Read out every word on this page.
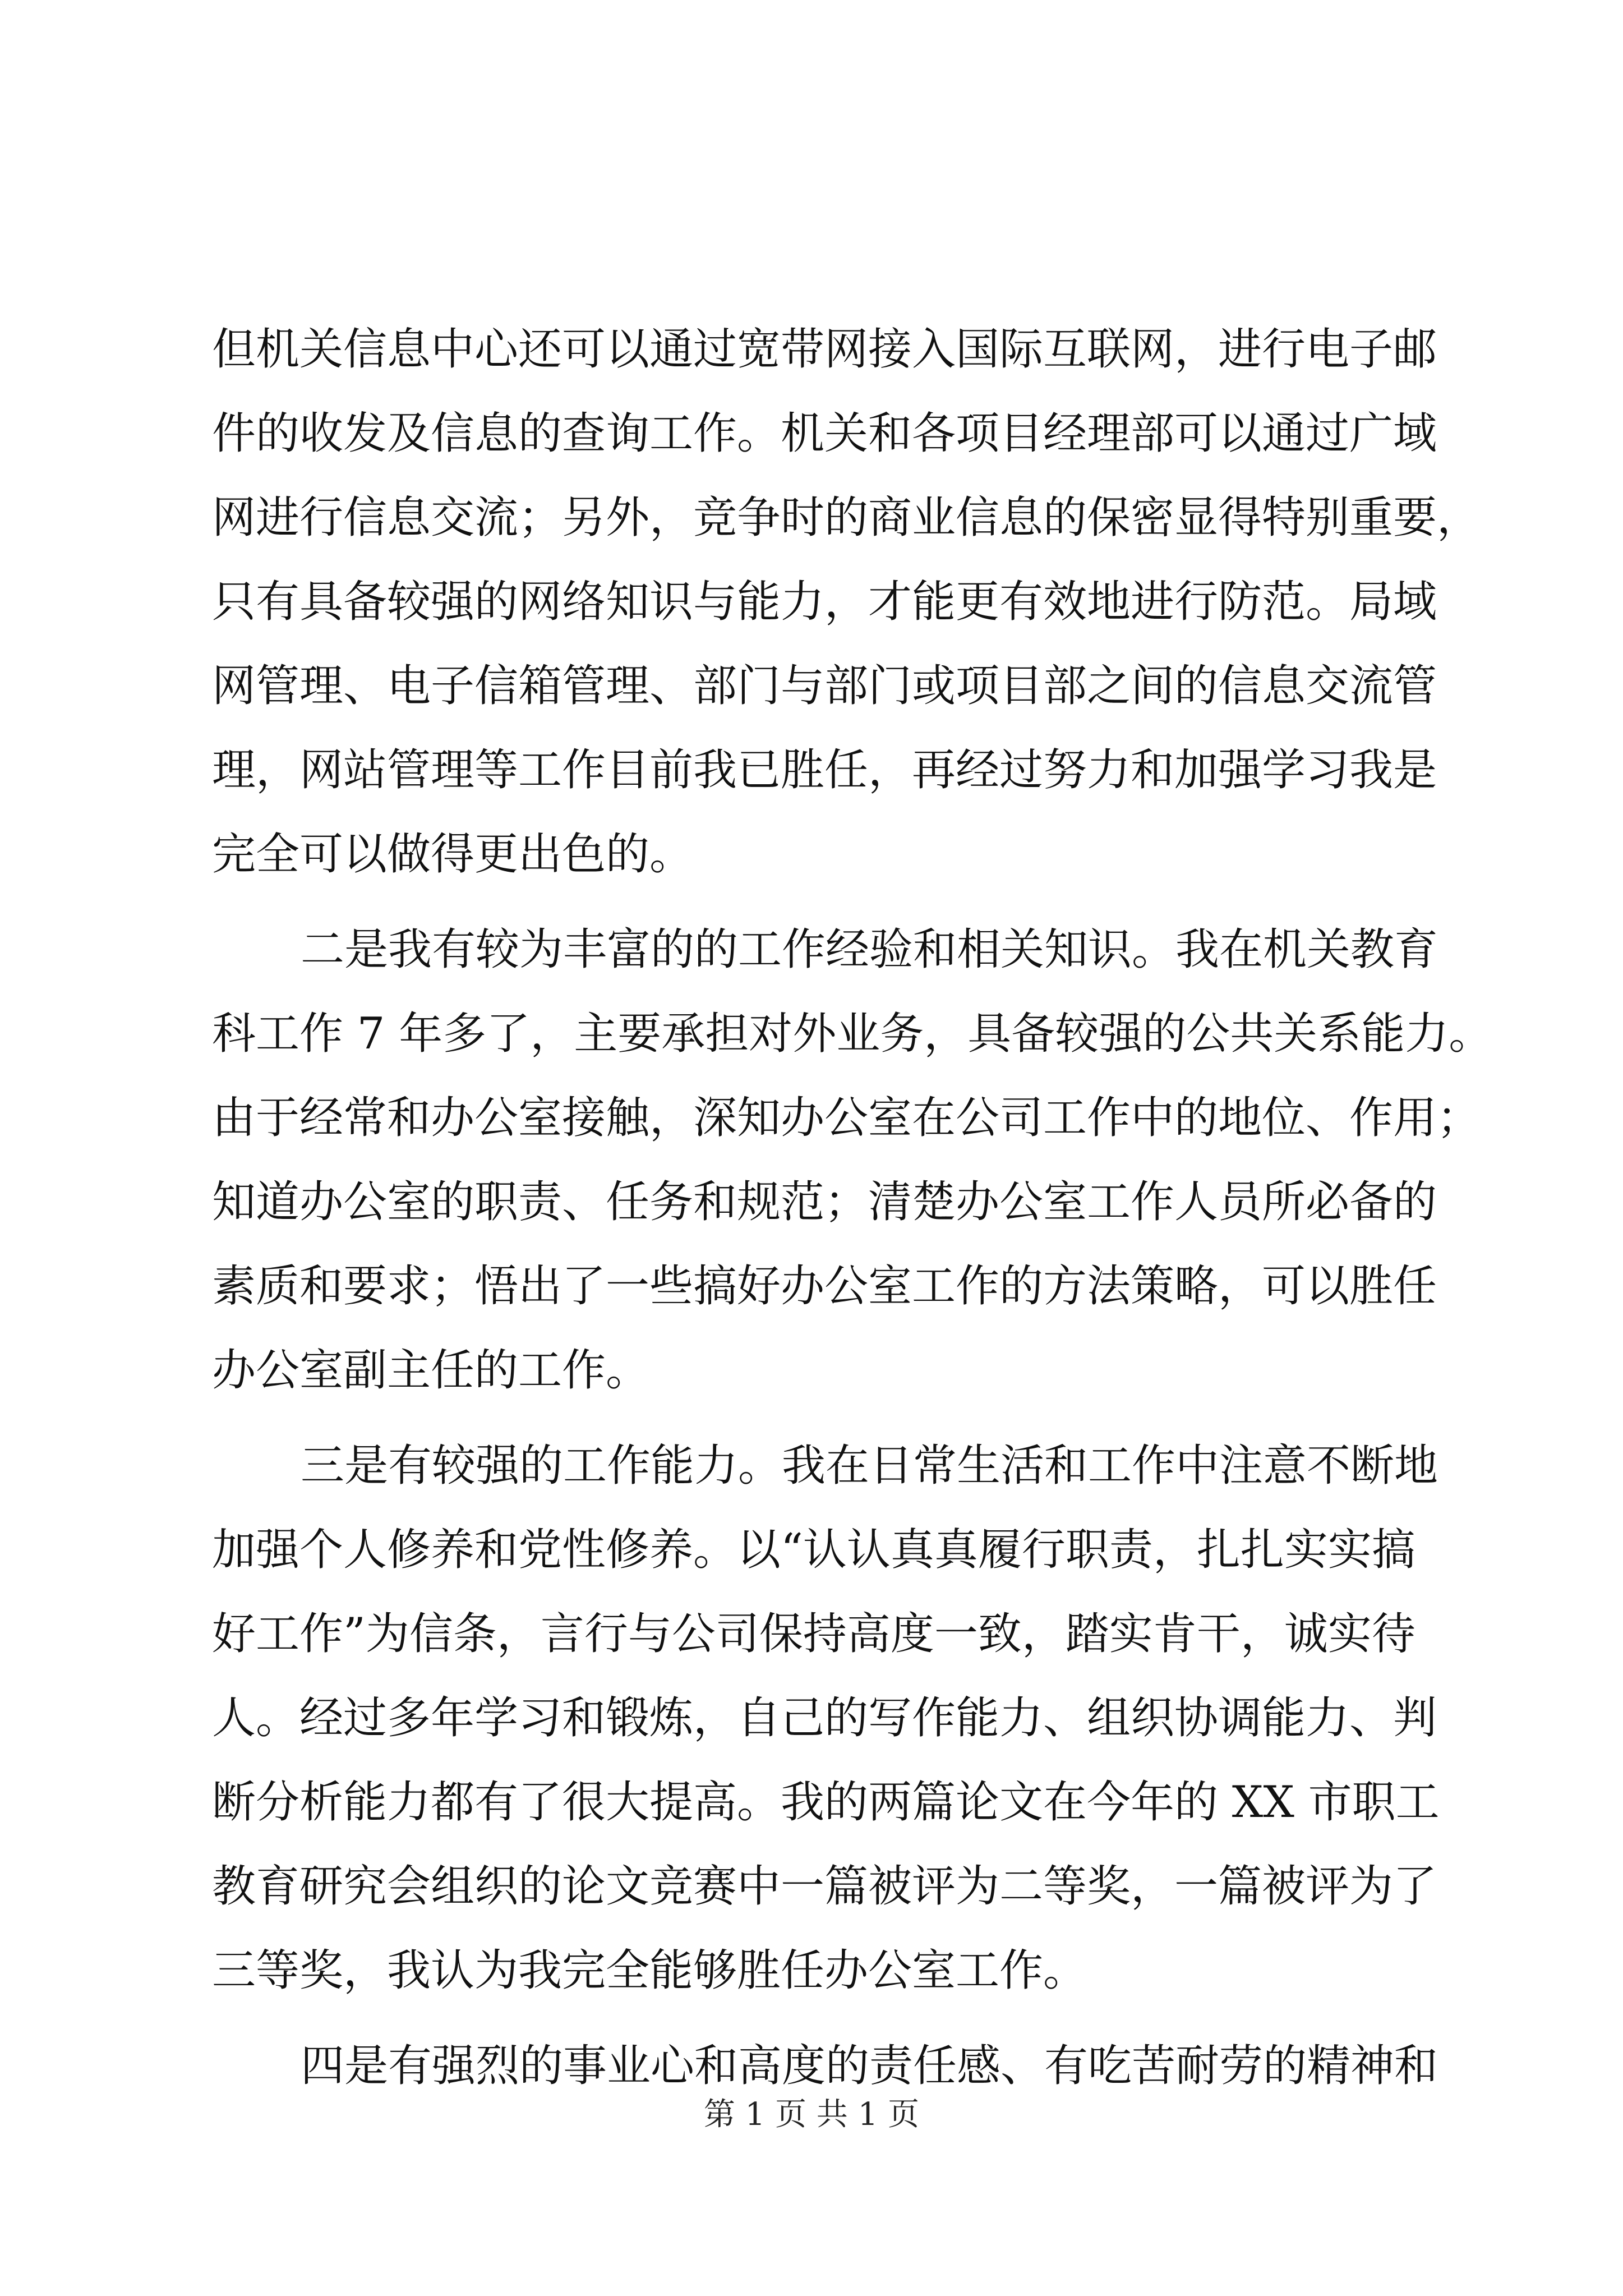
但机关信息中心还可以通过宽带网接入国际互联网，进行电子邮
件的收发及信息的查询工作。机关和各项目经理部可以通过广域
网进行信息交流；另外，竞争时的商业信息的保密显得特别重要，
只有具备较强的网络知识与能力，才能更有效地进行防范。局域
网管理、电子信箱管理、部门与部门或项目部之间的信息交流管
理，网站管理等工作目前我已胜任，再经过努力和加强学习我是
完全可以做得更出色的。
二是我有较为丰富的的工作经验和相关知识。我在机关教育
科工作 7 年多了，主要承担对外业务，具备较强的公共关系能力。
由于经常和办公室接触，深知办公室在公司工作中的地位、作用；
知道办公室的职责、任务和规范；清楚办公室工作人员所必备的
素质和要求；悟出了一些搞好办公室工作的方法策略，可以胜任
办公室副主任的工作。
三是有较强的工作能力。我在日常生活和工作中注意不断地
加强个人修养和党性修养。以“认认真真履行职责，扎扎实实搞
好工作”为信条，言行与公司保持高度一致，踏实肯干，诚实待
人。经过多年学习和锻炼，自己的写作能力、组织协调能力、判
断分析能力都有了很大提高。我的两篇论文在今年的 XX 市职工
教育研究会组织的论文竞赛中一篇被评为二等奖，一篇被评为了
三等奖，我认为我完全能够胜任办公室工作。
四是有强烈的事业心和高度的责任感、有吃苦耐劳的精神和
第 1 页 共 1 页
